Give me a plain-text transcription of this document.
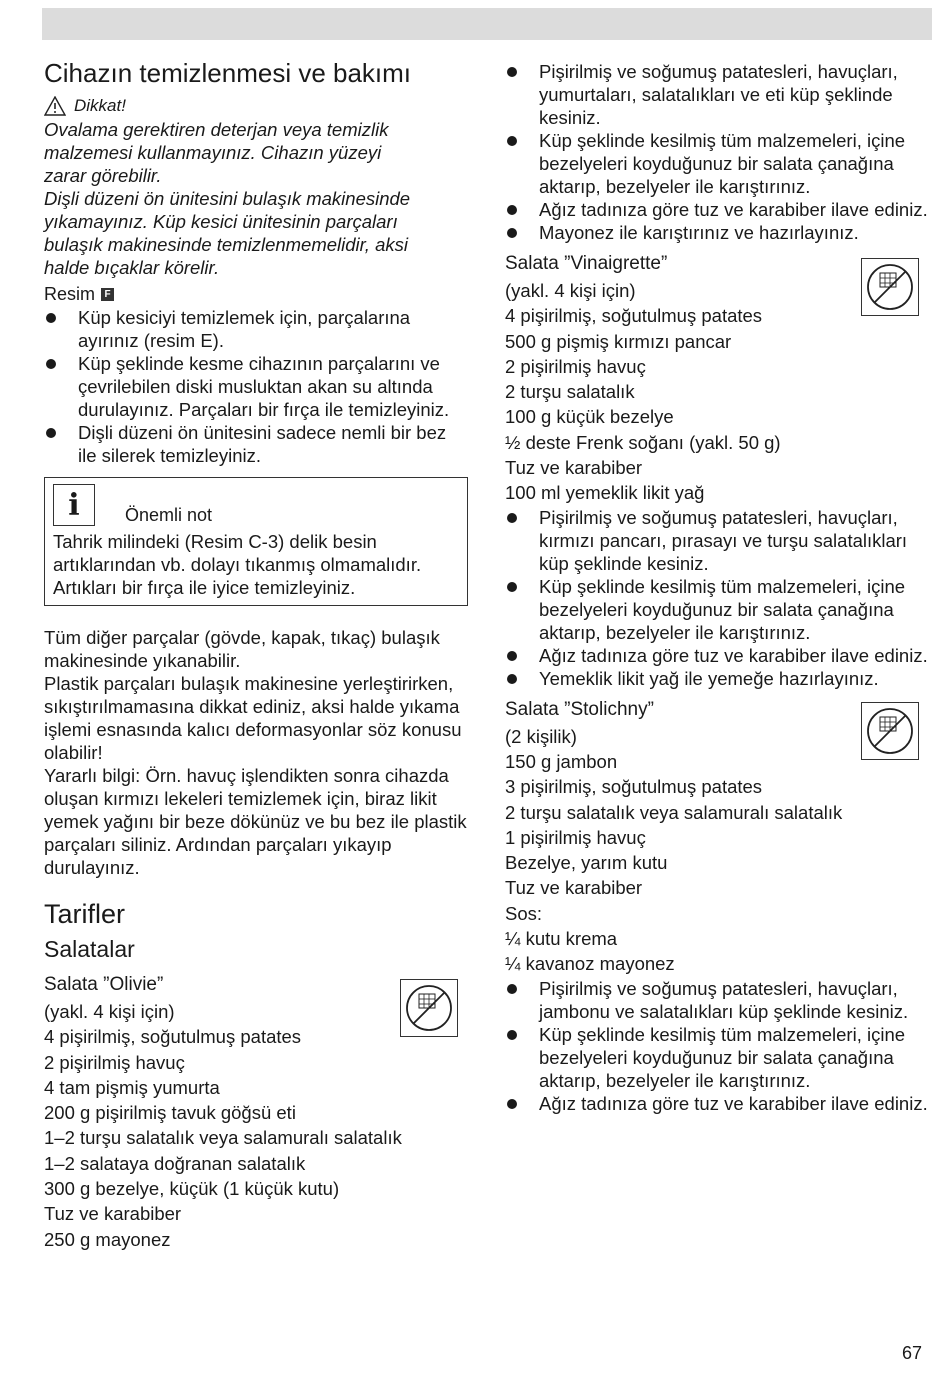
Cihazın temizlenmesi ve bakımı
Dikkat!
Ovalama gerektiren deterjan veya temizlik
malzemesi kullanmayınız. Cihazın yüzeyi
zarar görebilir.
Dişli düzeni ön ünitesini bulaşık makinesinde
yıkamayınız. Küp kesici ünitesinin parçaları
bulaşık makinesinde temizlenmemelidir, aksi
halde bıçaklar körelir.
Resim F
Küp kesiciyi temizlemek için, parçalarına ayırınız (resim E).
Küp şeklinde kesme cihazının parçalarını ve çevrilebilen diski musluktan akan su altında durulayınız. Parçaları bir fırça ile temizleyiniz.
Dişli düzeni ön ünitesini sadece nemli bir bez ile silerek temizleyiniz.
i	Önemli not

Tahrik milindeki (Resim C-3) delik besin artıklarından vb. dolayı tıkanmış olmamalıdır. Artıkları bir fırça ile iyice temizleyiniz.

Tüm diğer parçalar (gövde, kapak, tıkaç) bulaşık makinesinde yıkanabilir.

Plastik parçaları bulaşık makinesine yerleştirirken, sıkıştırılmamasına dikkat ediniz, aksi halde yıkama işlemi esnasında kalıcı deformasyonlar söz konusu olabilir!

Yararlı bilgi: Örn. havuç işlendikten sonra cihazda oluşan kırmızı lekeleri temizlemek için, biraz likit yemek yağını bir beze dökünüz ve bu bez ile plastik parçaları siliniz. Ardından parçaları yıkayıp durulayınız.

Tarifler
Salatalar
Salata ”Olivie”

(yakl. 4 kişi için)

4 pişirilmiş, soğutulmuş patates

2 pişirilmiş havuç

4 tam pişmiş yumurta

200 g pişirilmiş tavuk göğsü eti

1–2 turşu salatalık veya salamuralı salatalık

1–2 salataya doğranan salatalık

300 g bezelye, küçük (1 küçük kutu)

Tuz ve karabiber

250 g mayonez

Pişirilmiş ve soğumuş patatesleri, havuçları, yumurtaları, salatalıkları ve eti küp şeklinde kesiniz.
Küp şeklinde kesilmiş tüm malzemeleri, içine bezelyeleri koyduğunuz bir salata çanağına aktarıp, bezelyeler ile karıştırınız.
Ağız tadınıza göre tuz ve karabiber ilave ediniz.
Mayonez ile karıştırınız ve hazırlayınız.
Salata ”Vinaigrette”

(yakl. 4 kişi için)

4 pişirilmiş, soğutulmuş patates

500 g pişmiş kırmızı pancar

2 pişirilmiş havuç

2 turşu salatalık

100 g küçük bezelye

½ deste Frenk soğanı (yakl. 50 g)

Tuz ve karabiber

100 ml yemeklik likit yağ

Pişirilmiş ve soğumuş patatesleri, havuçları, kırmızı pancarı, pırasayı ve turşu salatalıkları küp şeklinde kesiniz.
Küp şeklinde kesilmiş tüm malzemeleri, içine bezelyeleri koyduğunuz bir salata çanağına aktarıp, bezelyeler ile karıştırınız.
Ağız tadınıza göre tuz ve karabiber ilave ediniz.
Yemeklik likit yağ ile yemeğe hazırlayınız.
Salata ”Stolichny”

(2 kişilik)

150 g jambon

3 pişirilmiş, soğutulmuş patates

2 turşu salatalık veya salamuralı salatalık

1 pişirilmiş havuç

Bezelye, yarım kutu

Tuz ve karabiber

Sos:

¼ kutu krema

¼ kavanoz mayonez

Pişirilmiş ve soğumuş patatesleri, havuçları, jambonu ve salatalıkları küp şeklinde kesiniz.
Küp şeklinde kesilmiş tüm malzemeleri, içine bezelyeleri koyduğunuz bir salata çanağına aktarıp, bezelyeler ile karıştırınız.
Ağız tadınıza göre tuz ve karabiber ilave ediniz.
67
